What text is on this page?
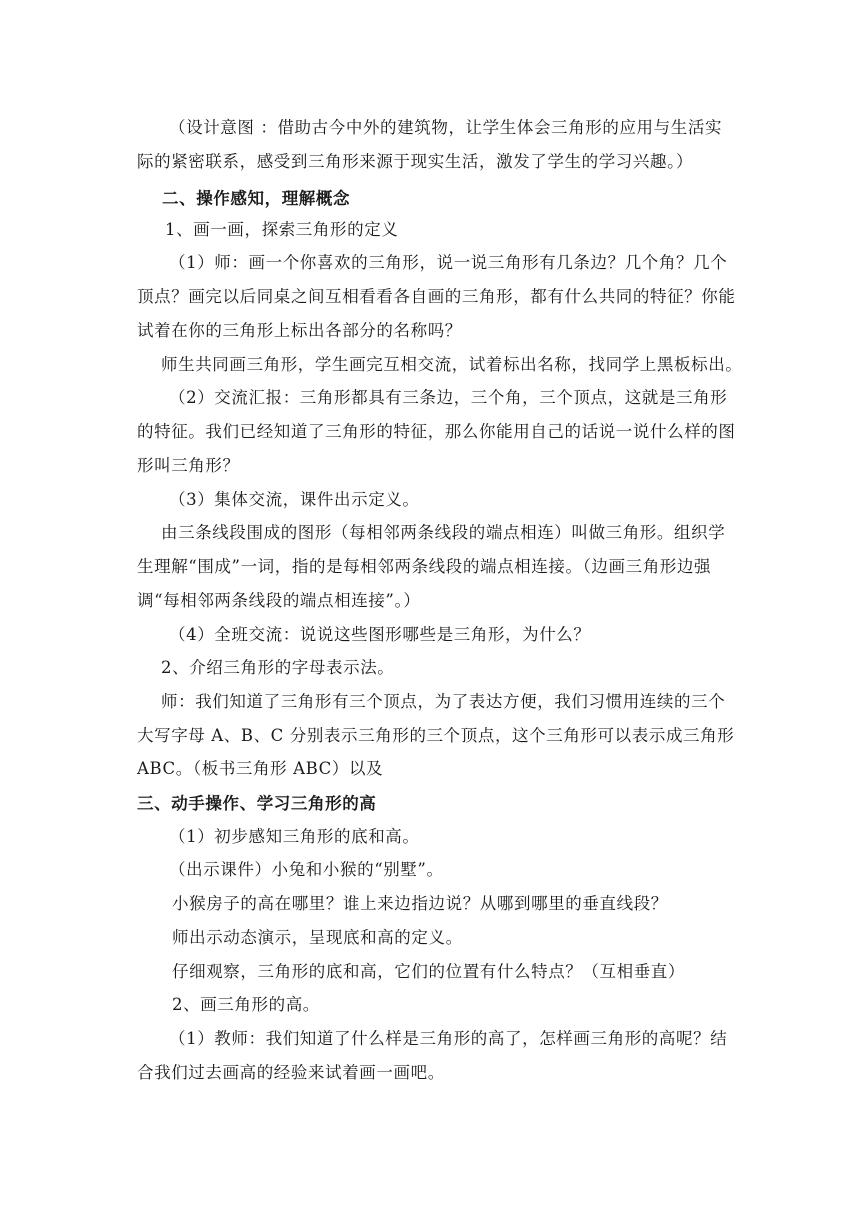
（设计意图 ：借助古今中外的建筑物，让学生体会三角形的应用与生活实
际的紧密联系，感受到三角形来源于现实生活，激发了学生的学习兴趣。）
二、操作感知，理解概念
1、画一画，探索三角形的定义
（1）师：画一个你喜欢的三角形，说一说三角形有几条边？几个角？几个
顶点？画完以后同桌之间互相看看各自画的三角形，都有什么共同的特征？你能
试着在你的三角形上标出各部分的名称吗？
师生共同画三角形，学生画完互相交流，试着标出名称，找同学上黑板标出。
（2）交流汇报：三角形都具有三条边，三个角，三个顶点，这就是三角形
的特征。我们已经知道了三角形的特征，那么你能用自己的话说一说什么样的图
形叫三角形？
（3）集体交流，课件出示定义。
由三条线段围成的图形（每相邻两条线段的端点相连）叫做三角形。组织学
生理解“围成”一词，指的是每相邻两条线段的端点相连接。（边画三角形边强
调“每相邻两条线段的端点相连接”。）
（4）全班交流：说说这些图形哪些是三角形，为什么？
2、介绍三角形的字母表示法。
师：我们知道了三角形有三个顶点，为了表达方便，我们习惯用连续的三个
大写字母 A、B、C 分别表示三角形的三个顶点，这个三角形可以表示成三角形
ABC。（板书三角形 ABC）以及
三、动手操作、学习三角形的高
（1）初步感知三角形的底和高。
（出示课件）小兔和小猴的“别墅”。
小猴房子的高在哪里？谁上来边指边说？从哪到哪里的垂直线段？
师出示动态演示，呈现底和高的定义。
仔细观察，三角形的底和高，它们的位置有什么特点？（互相垂直）
2、画三角形的高。
（1）教师：我们知道了什么样是三角形的高了，怎样画三角形的高呢？结
合我们过去画高的经验来试着画一画吧。
